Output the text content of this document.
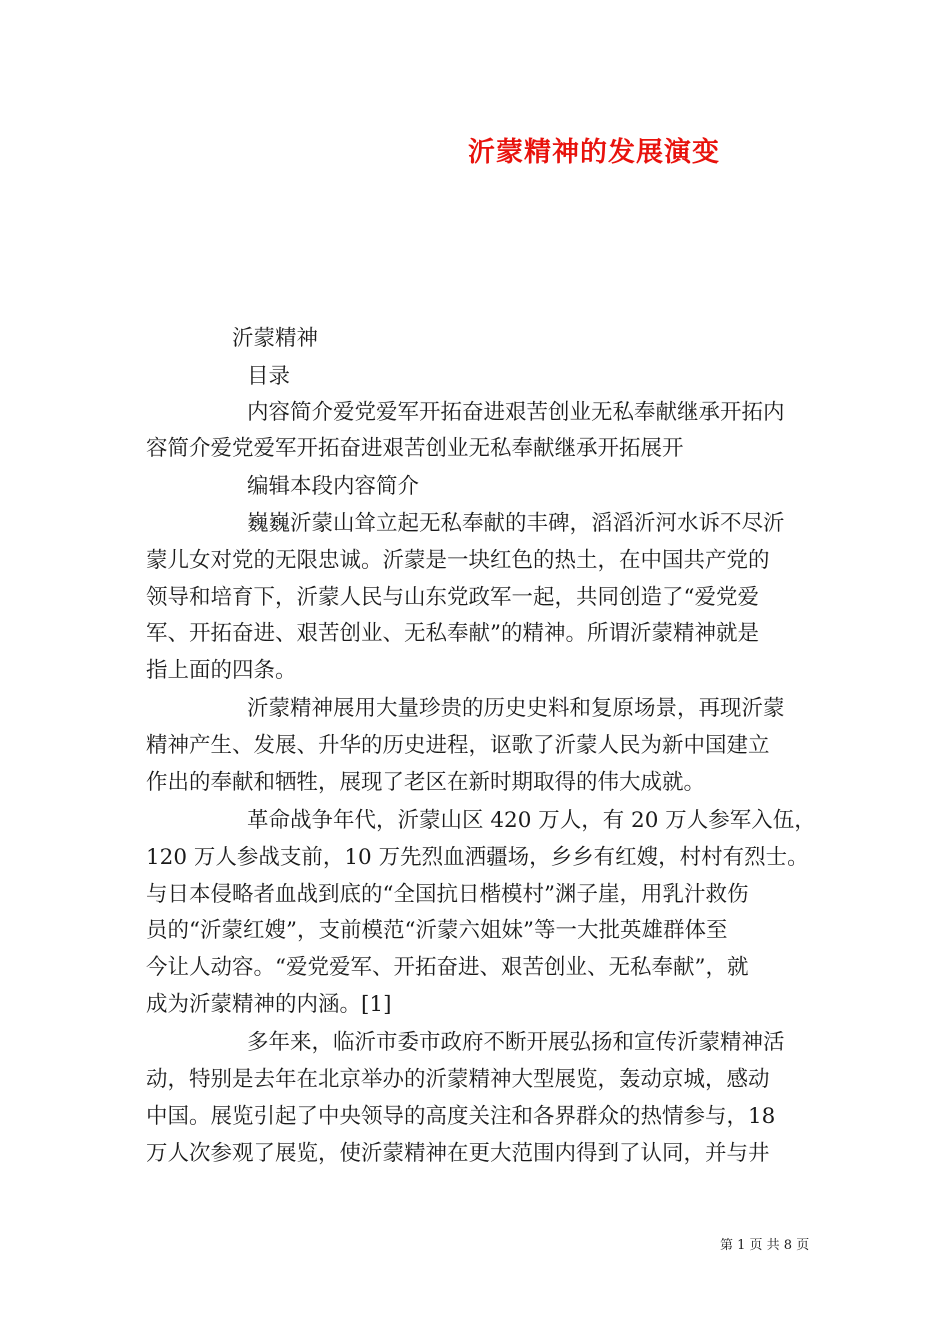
沂蒙精神的发展演变
沂蒙精神
目录
内容简介爱党爱军开拓奋进艰苦创业无私奉献继承开拓内
容简介爱党爱军开拓奋进艰苦创业无私奉献继承开拓展开
编辑本段内容简介
巍巍沂蒙山耸立起无私奉献的丰碑，滔滔沂河水诉不尽沂
蒙儿女对党的无限忠诚。沂蒙是一块红色的热土，在中国共产党的
领导和培育下，沂蒙人民与山东党政军一起，共同创造了“爱党爱
军、开拓奋进、艰苦创业、无私奉献”的精神。所谓沂蒙精神就是
指上面的四条。
沂蒙精神展用大量珍贵的历史史料和复原场景，再现沂蒙
精神产生、发展、升华的历史进程，讴歌了沂蒙人民为新中国建立
作出的奉献和牺牲，展现了老区在新时期取得的伟大成就。
革命战争年代，沂蒙山区 420 万人，有 20 万人参军入伍，
120 万人参战支前，10 万先烈血洒疆场，乡乡有红嫂，村村有烈士。
与日本侵略者血战到底的“全国抗日楷模村”渊子崖，用乳汁救伤
员的“沂蒙红嫂”，支前模范“沂蒙六姐妹”等一大批英雄群体至
今让人动容。“爱党爱军、开拓奋进、艰苦创业、无私奉献”，就
成为沂蒙精神的内涵。[1]
多年来，临沂市委市政府不断开展弘扬和宣传沂蒙精神活
动，特别是去年在北京举办的沂蒙精神大型展览，轰动京城，感动
中国。展览引起了中央领导的高度关注和各界群众的热情参与，18
万人次参观了展览，使沂蒙精神在更大范围内得到了认同，并与井
第 1 页 共 8 页
